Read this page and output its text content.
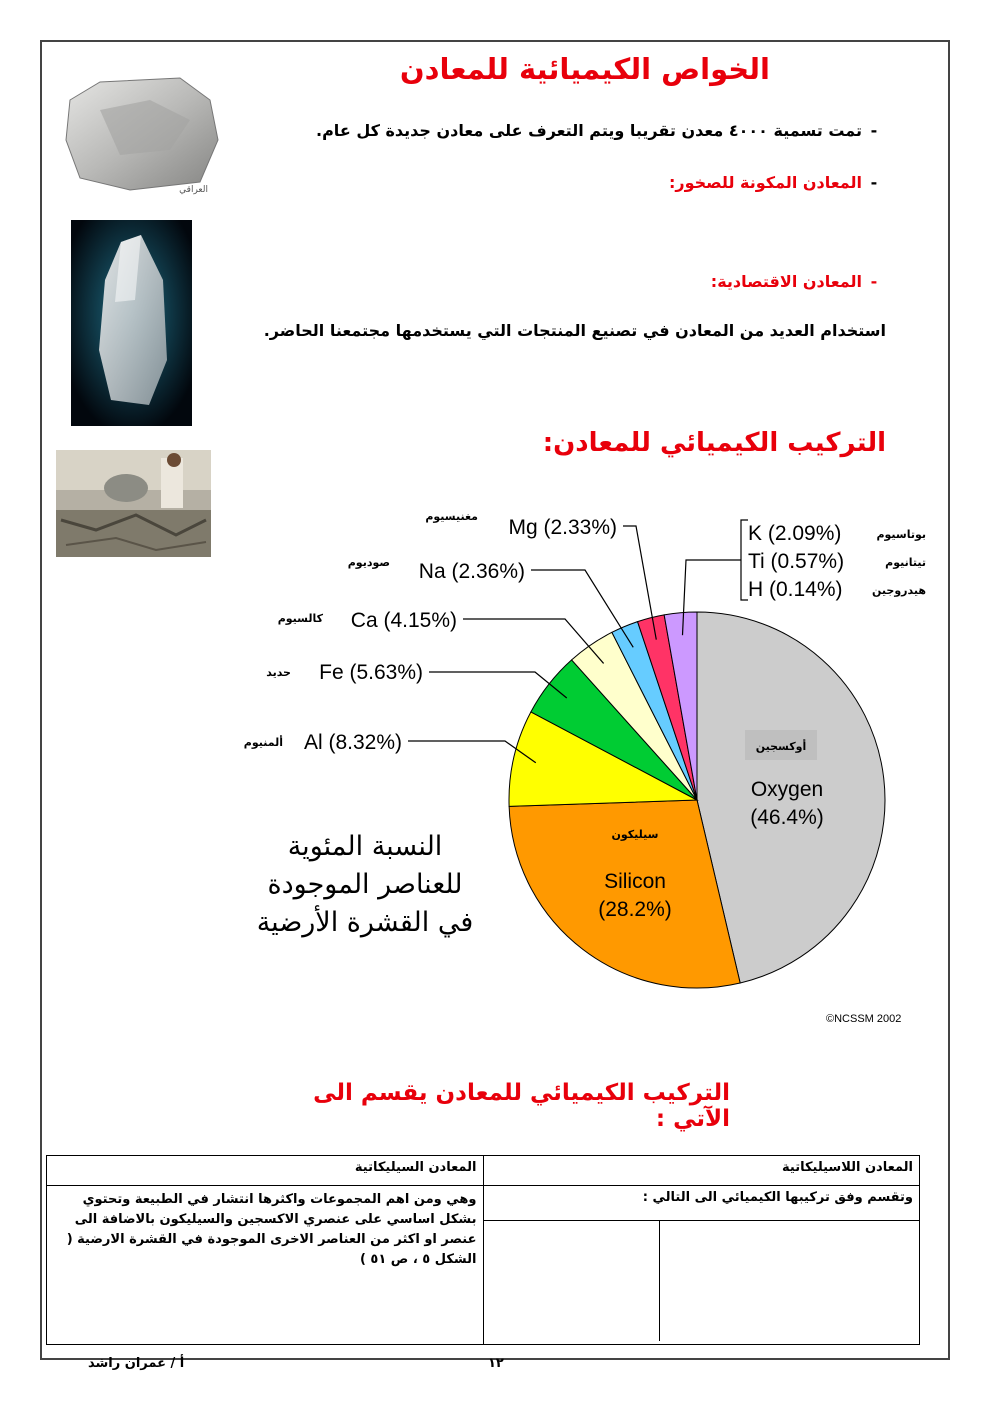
الخواص الكيميائية للمعادن
العراقي
-تمت تسمية ٤٠٠٠ معدن تقريبا ويتم التعرف على معادن جديدة كل عام.
-المعادن المكونة للصخور:
-المعادن الاقتصادية:
استخدام العديد من المعادن في تصنيع المنتجات التي يستخدمها مجتمعنا الحاضر.
التركيب الكيميائي للمعادن:
أوكسجين
Oxygen
(46.4%)
سيليكون
Silicon
(28.2%)
Mg (2.33%)
مغنيسيوم
Na (2.36%)
صوديوم
Ca (4.15%)
كالسيوم
Fe (5.63%)
حديد
Al (8.32%)
ألمنيوم
K (2.09%)
Ti (0.57%)
H (0.14%)
بوتاسيوم
تيتانيوم
هيدروجين
النسبة المئوية
للعناصر الموجودة
في القشرة الأرضية
©NCSSM 2002
التركيب الكيميائي للمعادن يقسم الى الآتي :
المعادن اللاسيليكاتية	المعادن السيليكاتية

وتقسم وفق تركيبها الكيميائي الى التالي :	وهي ومن اهم المجموعات واكثرها انتشار في الطبيعة وتحتوي بشكل اساسي على عنصري الاكسجين والسيليكون بالاضافة الى عنصر او اكثر من العناصر الاخرى الموجودة في القشرة الارضية ( الشكل ٥ ، ص ٥١ )
أ / عمران راشد	١٢
